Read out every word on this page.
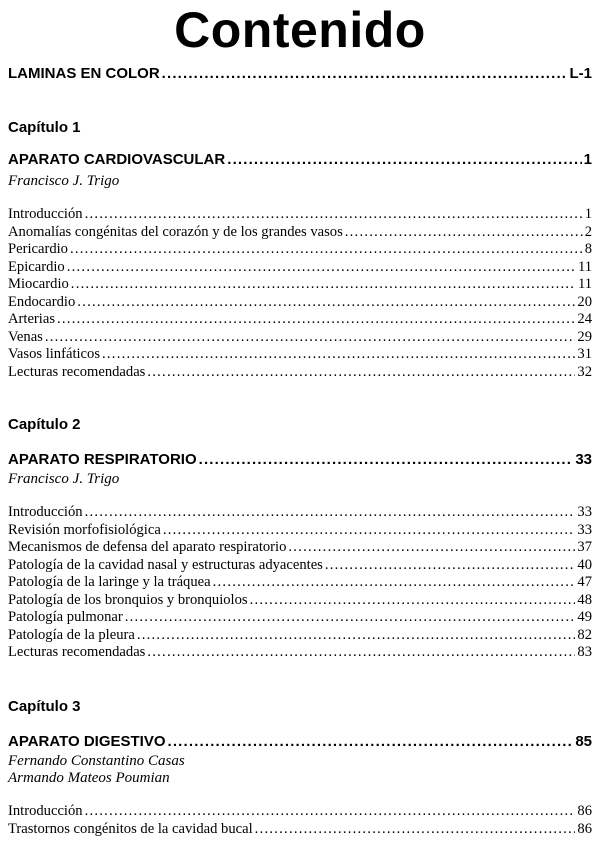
Contenido
LAMINAS EN COLOR . . .	L-1
Capítulo 1
APARATO CARDIOVASCULAR . . .	1
Francisco J. Trigo
Introducción . . .	1
Anomalías congénitas del corazón y de los grandes vasos . . .	2
Pericardio . . .	8
Epicardio . . .	11
Miocardio . . .	11
Endocardio . . .	20
Arterias . . .	24
Venas . . .	29
Vasos linfáticos . . .	31
Lecturas recomendadas . . .	32
Capítulo 2
APARATO RESPIRATORIO . . .	33
Francisco J. Trigo
Introducción . . .	33
Revisión morfofisiológica . . .	33
Mecanismos de defensa del aparato respiratorio . . .	37
Patología de la cavidad nasal y estructuras adyacentes . . .	40
Patología de la laringe y la tráquea . . .	47
Patología de los bronquios y bronquiolos . . .	48
Patología pulmonar . . .	49
Patología de la pleura . . .	82
Lecturas recomendadas . . .	83
Capítulo 3
APARATO DIGESTIVO . . .	85
Fernando Constantino Casas
Armando Mateos Poumian
Introducción . . .	86
Trastornos congénitos de la cavidad bucal . . .	86
